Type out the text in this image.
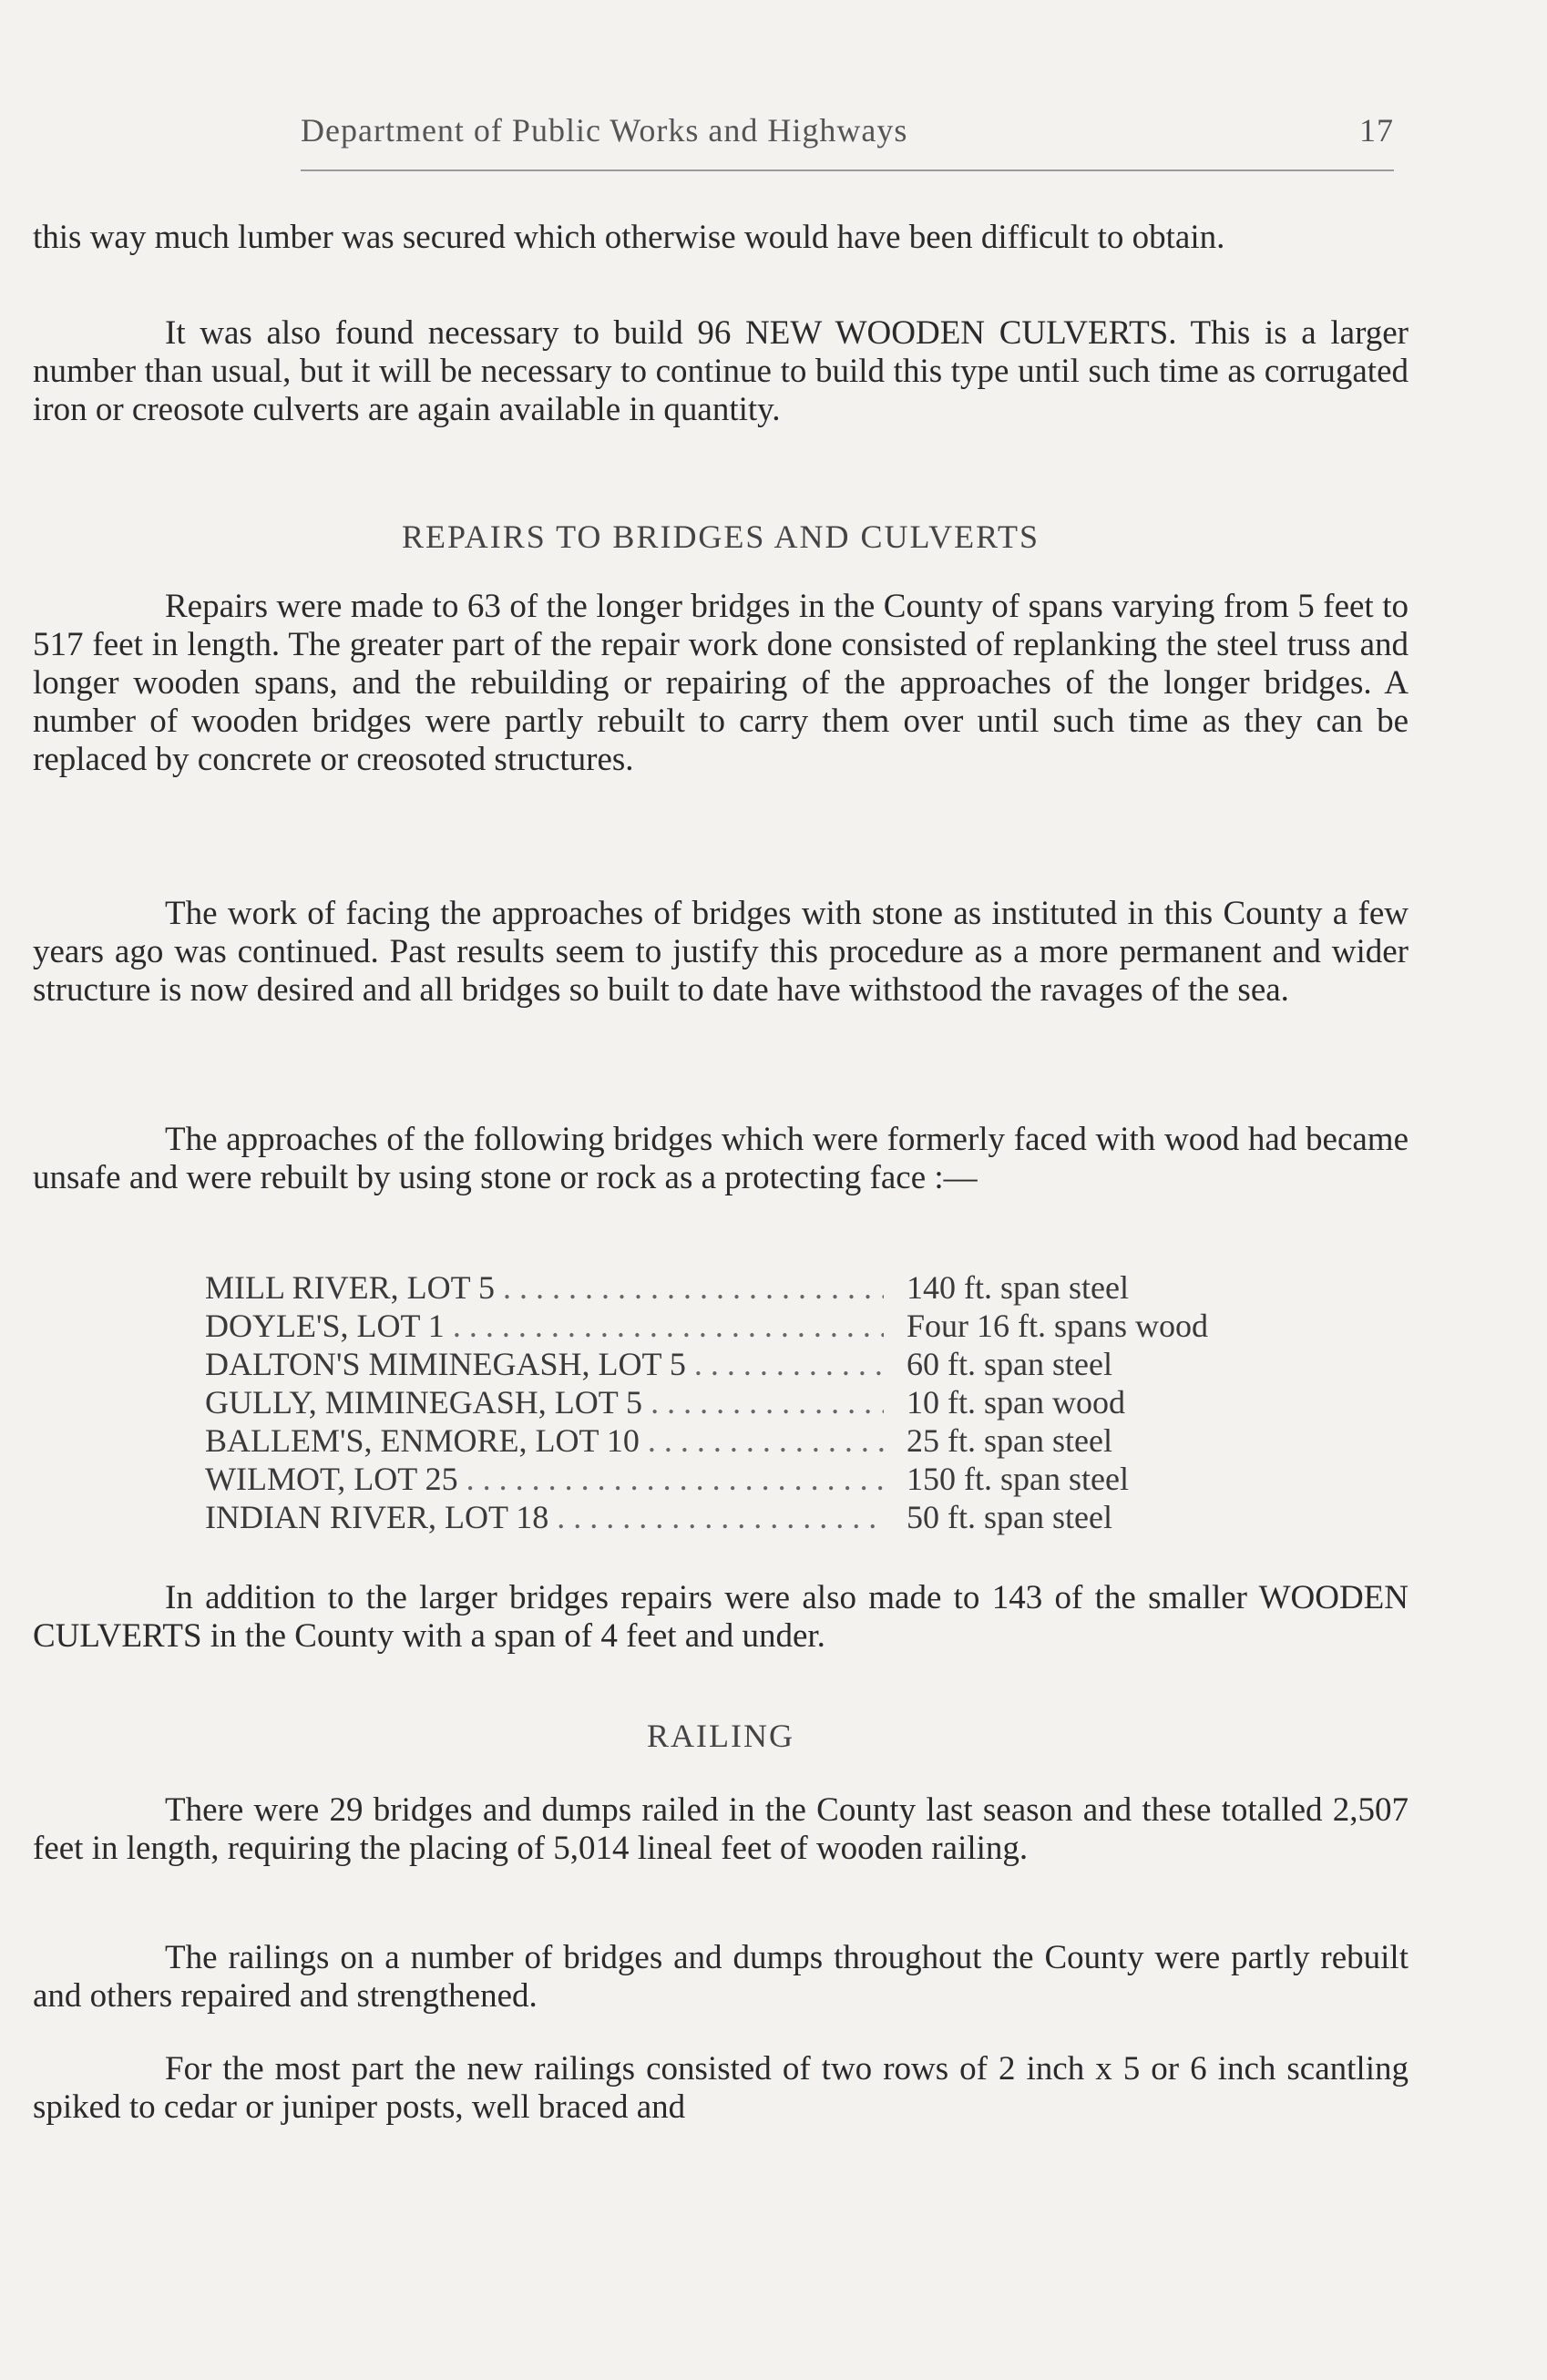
Department of Public Works and Highways	17

this way much lumber was secured which otherwise would have been difficult to obtain.

It was also found necessary to build 96 NEW WOODEN CULVERTS. This is a larger number than usual, but it will be necessary to continue to build this type until such time as corrugated iron or creosote culverts are again available in quantity.

REPAIRS TO BRIDGES AND CULVERTS

Repairs were made to 63 of the longer bridges in the County of spans varying from 5 feet to 517 feet in length. The greater part of the repair work done consisted of replanking the steel truss and longer wooden spans, and the rebuilding or repairing of the approaches of the longer bridges. A number of wooden bridges were partly rebuilt to carry them over until such time as they can be replaced by concrete or creosoted structures.

The work of facing the approaches of bridges with stone as instituted in this County a few years ago was continued. Past results seem to justify this procedure as a more permanent and wider structure is now desired and all bridges so built to date have withstood the ravages of the sea.

The approaches of the following bridges which were formerly faced with wood had became unsafe and were rebuilt by using stone or rock as a protecting face :—

MILL RIVER, LOT 5 . . .	140 ft. span steel
DOYLE'S, LOT 1 . . .	Four 16 ft. spans wood
DALTON'S MIMINEGASH, LOT 5 . . .	60 ft. span steel
GULLY, MIMINEGASH, LOT 5 . . .	10 ft. span wood
BALLEM'S, ENMORE, LOT 10 . . .	25 ft. span steel
WILMOT, LOT 25 . . .	150 ft. span steel
INDIAN RIVER, LOT 18 . . .	50 ft. span steel

In addition to the larger bridges repairs were also made to 143 of the smaller WOODEN CULVERTS in the County with a span of 4 feet and under.

RAILING

There were 29 bridges and dumps railed in the County last season and these totalled 2,507 feet in length, requiring the placing of 5,014 lineal feet of wooden railing.

The railings on a number of bridges and dumps throughout the County were partly rebuilt and others repaired and strengthened.

For the most part the new railings consisted of two rows of 2 inch x 5 or 6 inch scantling spiked to cedar or juniper posts, well braced and
